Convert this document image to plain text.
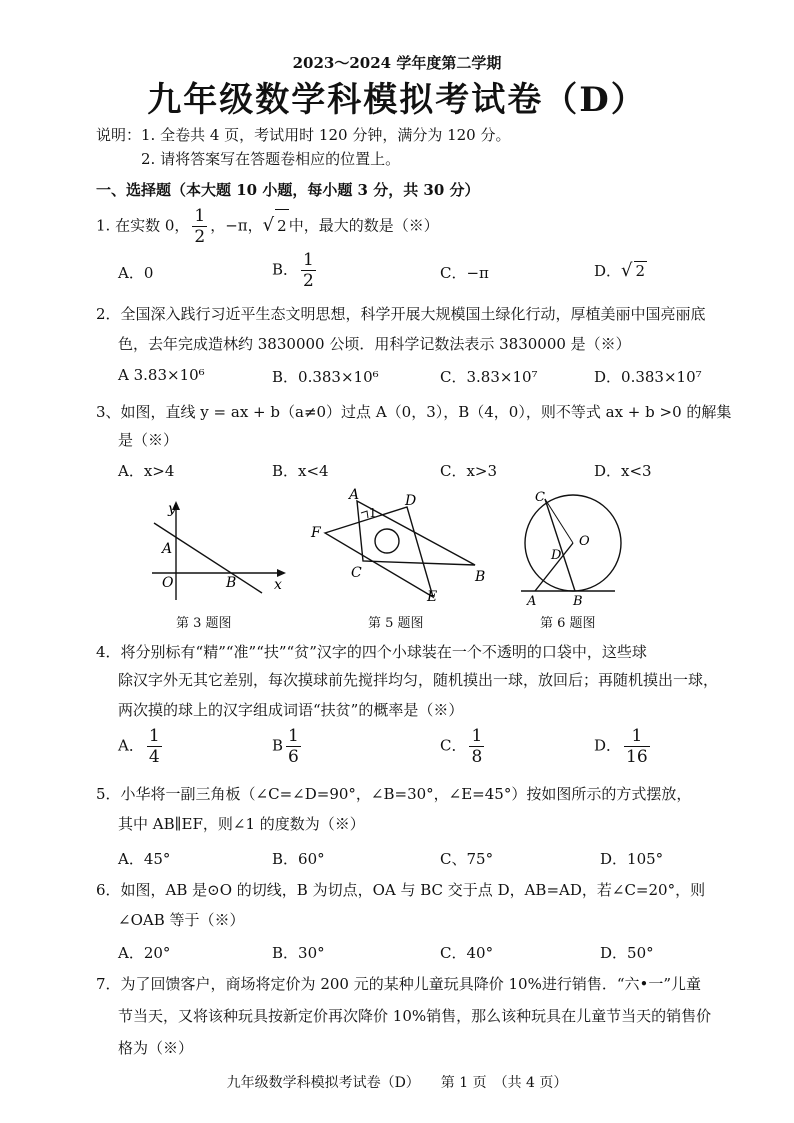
2023～2024 学年度第二学期
九年级数学科模拟考试卷（D）
说明： 1. 全卷共 4 页，考试用时 120 分钟，满分为 120 分。
2. 请将答案写在答题卷相应的位置上。
一、选择题（本大题 10 小题，每小题 3 分，共 30 分）
1. 在实数 0， $\frac{1}{2}$ ，−π，√ 2 中，最大的数是（※）
A．0	B． $\frac{1}{2}$	C．−π	D．√ 2
2．全国深入践行习近平生态文明思想，科学开展大规模国土绿化行动，厚植美丽中国亮丽底
色，去年完成造林约 3830000 公顷．用科学记数法表示 3830000 是（※）
A 3.83×10⁶	B．0.383×10⁶	C．3.83×10⁷	D．0.383×10⁷
3、如图，直线 y = ax + b（a≠0）过点 A（0，3），B（4，0），则不等式 ax + b >0 的解集
是（※）
A．x>4	B．x<4	C．x>3	D．x<3
y
x
A
O	B
第 3 题图
A	D
F
C	B
E
1
第 5 题图
C
O
D
A	B
第 6 题图
4．将分别标有“精”“准”“扶”“贫”汉字的四个小球装在一个不透明的口袋中，这些球
除汉字外无其它差别，每次摸球前先搅拌均匀，随机摸出一球，放回后；再随机摸出一球，
两次摸的球上的汉字组成词语“扶贫”的概率是（※）
A． $\frac{1}{4}$	B $\frac{1}{6}$	C． $\frac{1}{8}$	D． $\frac{1}{16}$
5．小华将一副三角板（∠C=∠D=90°，∠B=30°，∠E=45°）按如图所示的方式摆放，
其中 AB∥EF，则∠1 的度数为（※）
A．45°	B．60°	C、75°	D．105°
6．如图，AB 是⊙O 的切线，B 为切点，OA 与 BC 交于点 D，AB=AD，若∠C=20°，则
∠OAB 等于（※）
A．20°	B．30°	C．40°	D．50°
7．为了回馈客户，商场将定价为 200 元的某种儿童玩具降价 10%进行销售．“六•一”儿童
节当天，又将该种玩具按新定价再次降价 10%销售，那么该种玩具在儿童节当天的销售价
格为（※）
九年级数学科模拟考试卷（D）　　第 1 页　（共 4 页）
